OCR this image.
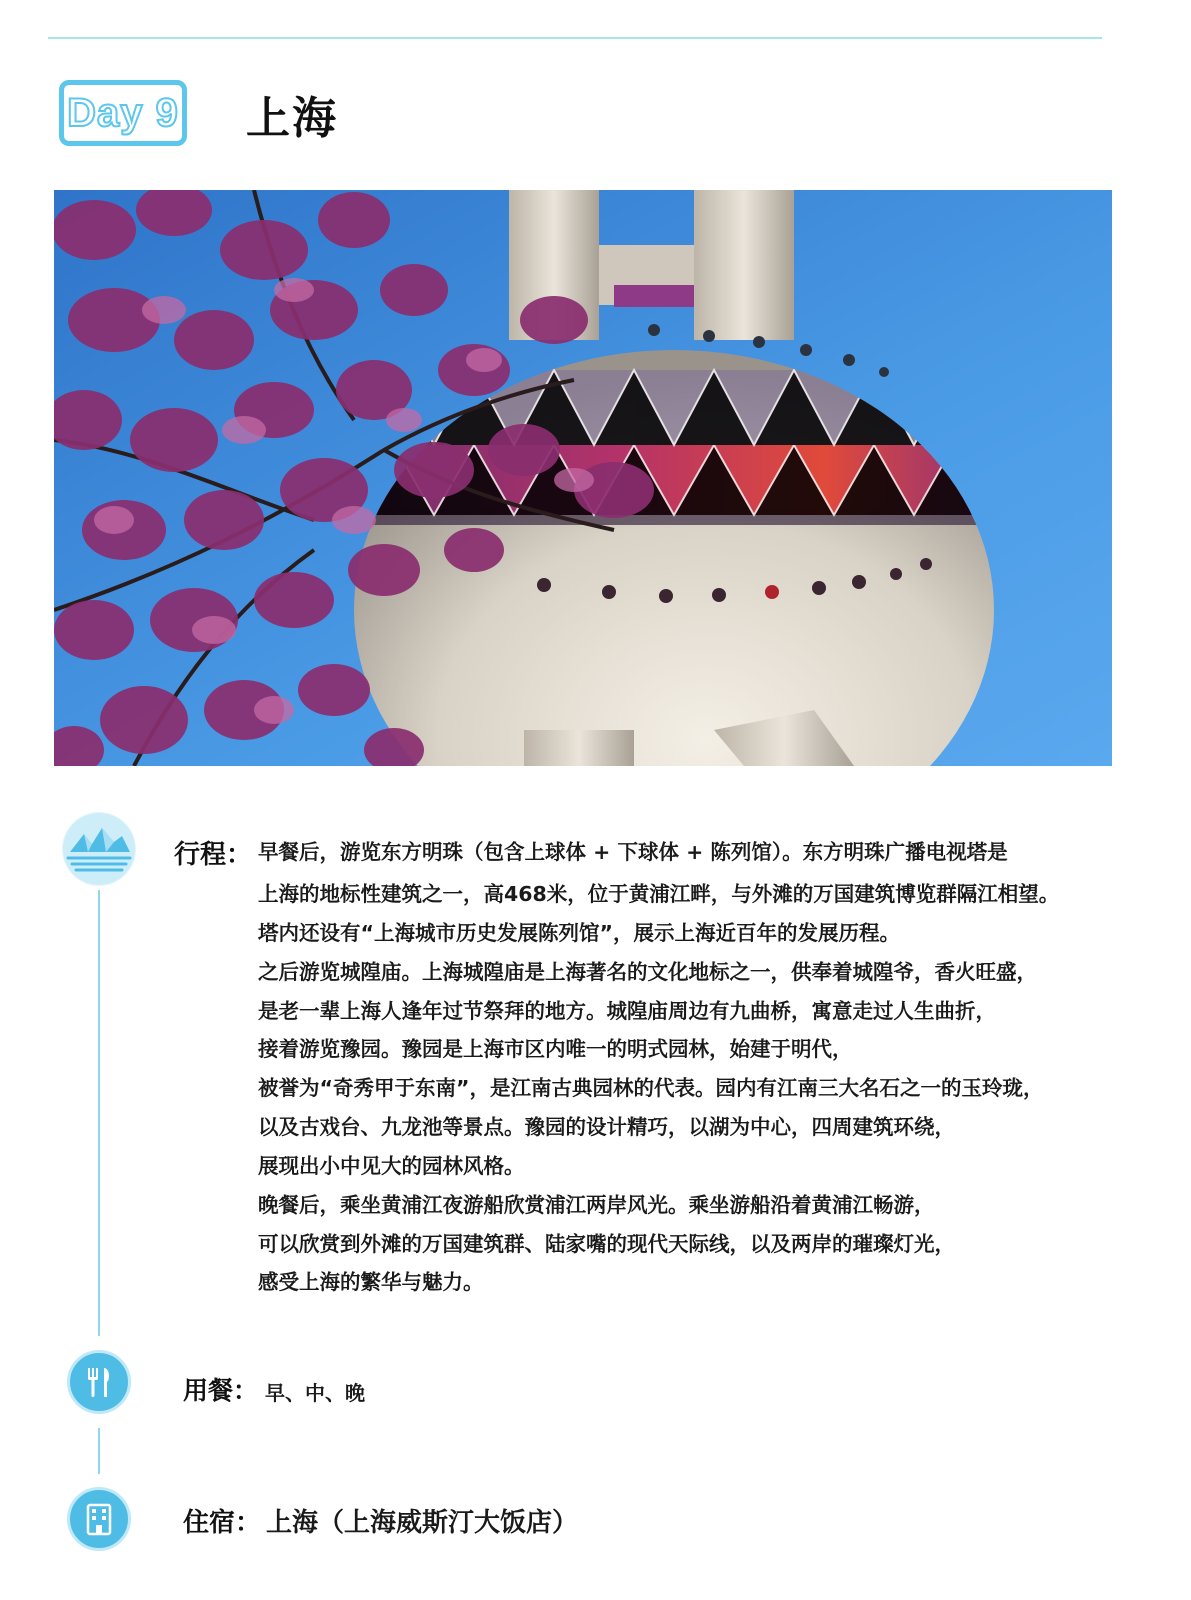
Day 9 上海
行程： 早餐后，游览东方明珠（包含上球体 + 下球体 + 陈列馆）。东方明珠广播电视塔是
上海的地标性建筑之一，高468米，位于黄浦江畔，与外滩的万国建筑博览群隔江相望。
塔内还设有“上海城市历史发展陈列馆”，展示上海近百年的发展历程。
之后游览城隍庙。上海城隍庙是上海著名的文化地标之一，供奉着城隍爷，香火旺盛，
是老一辈上海人逢年过节祭拜的地方。城隍庙周边有九曲桥，寓意走过人生曲折，
接着游览豫园。豫园是上海市区内唯一的明式园林，始建于明代，
被誉为“奇秀甲于东南”，是江南古典园林的代表。园内有江南三大名石之一的玉玲珑，
以及古戏台、九龙池等景点。豫园的设计精巧，以湖为中心，四周建筑环绕，
展现出小中见大的园林风格。
晚餐后，乘坐黄浦江夜游船欣赏浦江两岸风光。乘坐游船沿着黄浦江畅游，
可以欣赏到外滩的万国建筑群、陆家嘴的现代天际线，以及两岸的璀璨灯光，
感受上海的繁华与魅力。
用餐： 早、中、晚
住宿： 上海（上海威斯汀大饭店）
